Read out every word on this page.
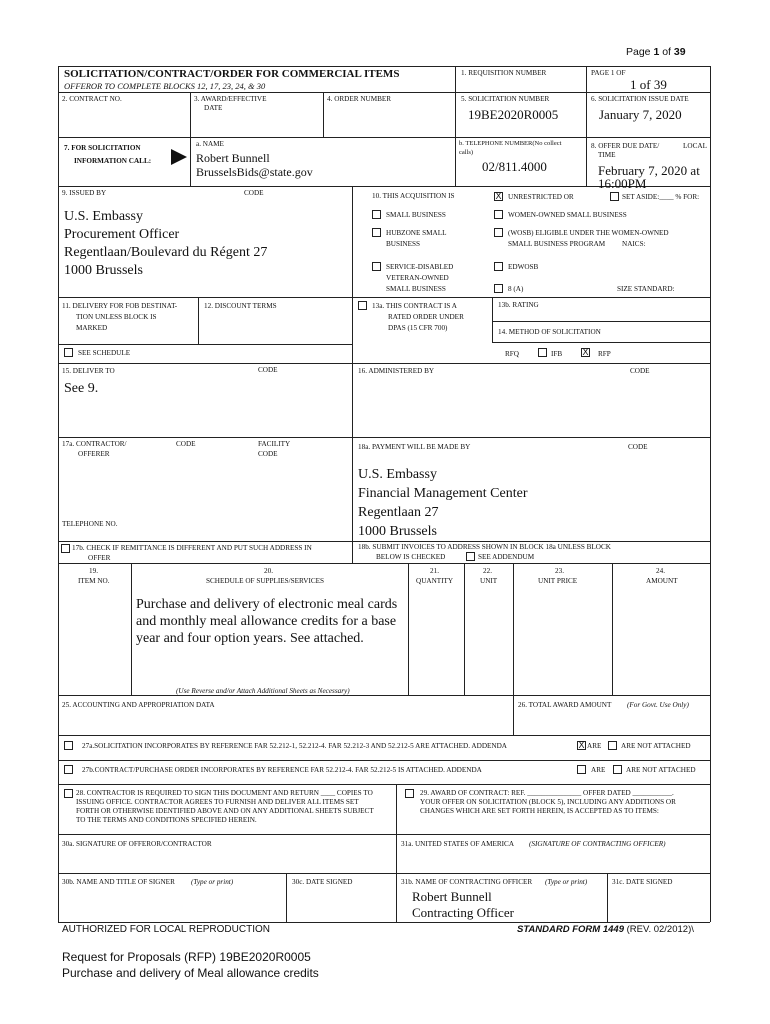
Page 1 of 39
SOLICITATION/CONTRACT/ORDER FOR COMMERCIAL ITEMS
OFFEROR TO COMPLETE BLOCKS 12, 17, 23, 24, & 30
1. REQUISITION NUMBER	PAGE 1 OF
1 of 39
2. CONTRACT NO.	3. AWARD/EFFECTIVE
DATE
4. ORDER NUMBER	5. SOLICITATION NUMBER
19BE2020R0005
6. SOLICITATION ISSUE DATE
January 7, 2020
7. FOR SOLICITATION
INFORMATION CALL:
a. NAME
Robert Bunnell
BrusselsBids@state.gov
b. TELEPHONE NUMBER(No collect
calls)
02/811.4000
8. OFFER DUE DATE/	LOCAL
TIME
February 7, 2020 at
16:00PM
9. ISSUED BY	CODE
U.S. Embassy
Procurement Officer
Regentlaan/Boulevard du Régent 27
1000 Brussels
10. THIS ACQUISITION IS	X UNRESTRICTED OR	SET ASIDE:____ % FOR:
SMALL BUSINESS	WOMEN-OWNED SMALL BUSINESS
HUBZONE SMALL
BUSINESS
(WOSB) ELIGIBLE UNDER THE WOMEN-OWNED
SMALL BUSINESS PROGRAM NAICS:
SERVICE-DISABLED
VETERAN-OWNED
SMALL BUSINESS
EDWOSB
8 (A)	SIZE STANDARD:
11. DELIVERY FOR FOB DESTINAT-
TION UNLESS BLOCK IS
MARKED
12. DISCOUNT TERMS	13a. THIS CONTRACT IS A
RATED ORDER UNDER
DPAS (15 CFR 700)
13b. RATING
14. METHOD OF SOLICITATION
SEE SCHEDULE	RFQ	IFB X RFP
15. DELIVER TO	CODE
See 9.
16. ADMINISTERED BY	CODE
17a. CONTRACTOR/
OFFERER
CODE	FACILITY
CODE
TELEPHONE NO.
18a. PAYMENT WILL BE MADE BY	CODE
U.S. Embassy
Financial Management Center
Regentlaan 27
1000 Brussels
17b. CHECK IF REMITTANCE IS DIFFERENT AND PUT SUCH ADDRESS IN
OFFER
18b. SUBMIT INVOICES TO ADDRESS SHOWN IN BLOCK 18a UNLESS BLOCK
BELOW IS CHECKED	SEE ADDENDUM
19.
ITEM NO.
20.
SCHEDULE OF SUPPLIES/SERVICES
21.
QUANTITY
22.
UNIT
23.
UNIT PRICE
24.
AMOUNT
Purchase and delivery of electronic meal cards
and monthly meal allowance credits for a base
year and four option years. See attached.
(Use Reverse and/or Attach Additional Sheets as Necessary)
25. ACCOUNTING AND APPROPRIATION DATA	26. TOTAL AWARD AMOUNT (For Govt. Use Only)
27a.SOLICITATION INCORPORATES BY REFERENCE FAR 52.212-1, 52.212-4. FAR 52.212-3 AND 52.212-5 ARE ATTACHED. ADDENDA	X ARE	ARE NOT ATTACHED
27b.CONTRACT/PURCHASE ORDER INCORPORATES BY REFERENCE FAR 52.212-4. FAR 52.212-5 IS ATTACHED. ADDENDA	ARE	ARE NOT ATTACHED
28. CONTRACTOR IS REQUIRED TO SIGN THIS DOCUMENT AND RETURN ____ COPIES TO
ISSUING OFFICE. CONTRACTOR AGREES TO FURNISH AND DELIVER ALL ITEMS SET
FORTH OR OTHERWISE IDENTIFIED ABOVE AND ON ANY ADDITIONAL SHEETS SUBJECT
TO THE TERMS AND CONDITIONS SPECIFIED HEREIN.
29. AWARD OF CONTRACT: REF. _______________ OFFER DATED ___________.
YOUR OFFER ON SOLICITATION (BLOCK 5), INCLUDING ANY ADDITIONS OR
CHANGES WHICH ARE SET FORTH HEREIN, IS ACCEPTED AS TO ITEMS:
30a. SIGNATURE OF OFFEROR/CONTRACTOR	31a. UNITED STATES OF AMERICA (SIGNATURE OF CONTRACTING OFFICER)
30b. NAME AND TITLE OF SIGNER (Type or print)	30c. DATE SIGNED	31b. NAME OF CONTRACTING OFFICER (Type or print)	31c. DATE SIGNED
Robert Bunnell
Contracting Officer
AUTHORIZED FOR LOCAL REPRODUCTION	STANDARD FORM 1449 (REV. 02/2012)\
Request for Proposals (RFP) 19BE2020R0005
Purchase and delivery of Meal allowance credits
